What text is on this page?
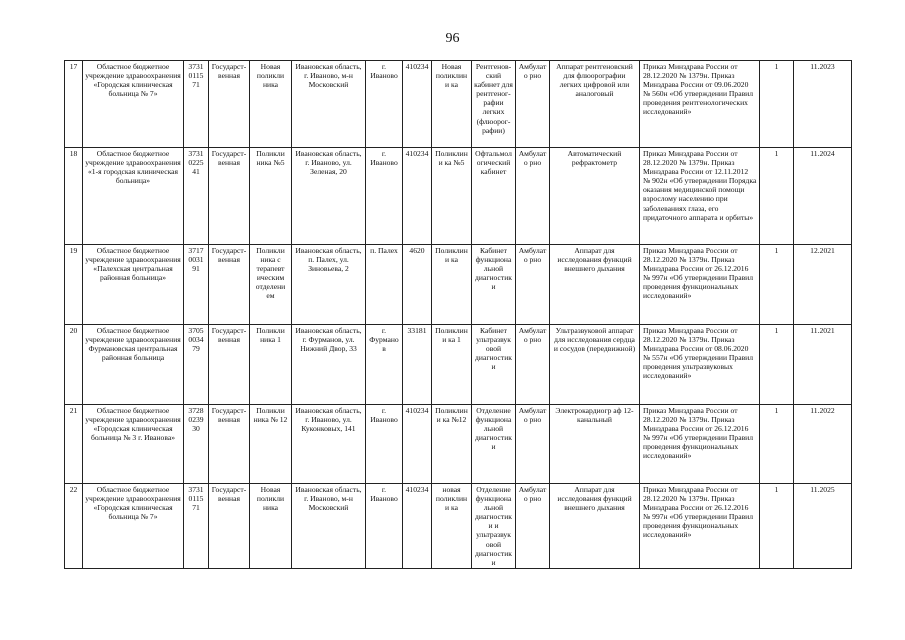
96
17	Областное бюджетное учреждение здравоохранения «Городская клиническая больница № 7»	3731 0115 71	Государст-венная	Новая поликли ника	Ивановская область, г. Иваново, м-н Московский	г. Иваново	410234	Новая поликлини ка	Рентгенов-ский кабинет для рентгеног-рафии легких (флюорог-рафии)	Амбулато рно	Аппарат рентгеновский для флюорографии легких цифровой или аналоговый	Приказ Минздрава России от 28.12.2020 № 1379н. Приказ Минздрава России от 09.06.2020 № 560н «Об утверждении Правил проведения рентгенологических исследований»	1	11.2023
18	Областное бюджетное учреждение здравоохранения «1-я городская клиническая больница»	3731 0225 41	Государст-венная	Поликли ника №5	Ивановская область, г. Иваново, ул. Зеленая, 20	г. Иваново	410234	Поликлини ка №5	Офтальмол огический кабинет	Амбулато рно	Автоматический рефрактометр	Приказ Минздрава России от 28.12.2020 № 1379н. Приказ Минздрава России от 12.11.2012 № 902н «Об утверждении Порядка оказания медицинской помощи взрослому населению при заболеваниях глаза, его придаточного аппарата и орбиты»	1	11.2024
19	Областное бюджетное учреждение здравоохранения «Палехская центральная районная больница»	3717 0031 91	Государст-венная	Поликли ника с терапевт ическим отделени ем	Ивановская область, п. Палех, ул. Зиновьева, 2	п. Палех	4620	Поликлини ка	Кабинет функциона льной диагностик и	Амбулато рно	Аппарат для исследования функций внешнего дыхания	Приказ Минздрава России от 28.12.2020 № 1379н. Приказ Минздрава России от 26.12.2016 № 997н «Об утверждении Правил проведения функциональных исследований»	1	12.2021
20	Областное бюджетное учреждение здравоохранения Фурмановская центральная районная больница	3705 0034 79	Государст-венная	Поликли ника 1	Ивановская область, г. Фурманов, ул. Нижний Двор, 33	г. Фурмано в	33181	Поликлини ка 1	Кабинет ультразвук овой диагностик и	Амбулато рно	Ультразвуковой аппарат для исследования сердца и сосудов (передвижной)	Приказ Минздрава России от 28.12.2020 № 1379н. Приказ Минздрава России от 08.06.2020 № 557н «Об утверждении Правил проведения ультразвуковых исследований»	1	11.2021
21	Областное бюджетное учреждение здравоохранения «Городская клиническая больница № 3 г. Иванова»	3728 0239 30	Государст-венная	Поликли ника № 12	Ивановская область, г. Иваново, ул. Куконковых, 141	г. Иваново	410234	Поликлини ка №12	Отделение функциона льной диагностик и	Амбулато рно	Электрокардиогр аф 12-канальный	Приказ Минздрава России от 28.12.2020 № 1379н. Приказ Минздрава России от 26.12.2016 № 997н «Об утверждении Правил проведения функциональных исследований»	1	11.2022
22	Областное бюджетное учреждение здравоохранения «Городская клиническая больница № 7»	3731 0115 71	Государст-венная	Новая поликли ника	Ивановская область, г. Иваново, м-н Московский	г. Иваново	410234	новая поликлини ка	Отделение функциона льной диагностик и и ультразвук овой диагностик и	Амбулато рно	Аппарат для исследования функций внешнего дыхания	Приказ Минздрава России от 28.12.2020 № 1379н. Приказ Минздрава России от 26.12.2016 № 997н «Об утверждении Правил проведения функциональных исследований»	1	11.2025
